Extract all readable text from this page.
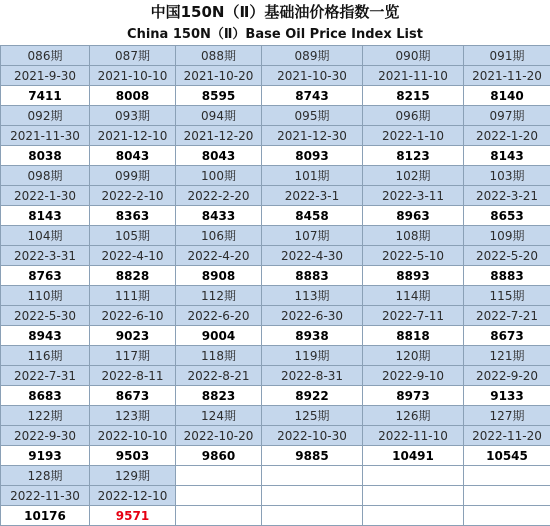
中国150N（Ⅱ）基础油价格指数一览
China 150N（Ⅱ）Base Oil Price Index List
086期	087期	088期	089期	090期	091期
2021-9-30	2021-10-10	2021-10-20	2021-10-30	2021-11-10	2021-11-20
7411	8008	8595	8743	8215	8140
092期	093期	094期	095期	096期	097期
2021-11-30	2021-12-10	2021-12-20	2021-12-30	2022-1-10	2022-1-20
8038	8043	8043	8093	8123	8143
098期	099期	100期	101期	102期	103期
2022-1-30	2022-2-10	2022-2-20	2022-3-1	2022-3-11	2022-3-21
8143	8363	8433	8458	8963	8653
104期	105期	106期	107期	108期	109期
2022-3-31	2022-4-10	2022-4-20	2022-4-30	2022-5-10	2022-5-20
8763	8828	8908	8883	8893	8883
110期	111期	112期	113期	114期	115期
2022-5-30	2022-6-10	2022-6-20	2022-6-30	2022-7-11	2022-7-21
8943	9023	9004	8938	8818	8673
116期	117期	118期	119期	120期	121期
2022-7-31	2022-8-11	2022-8-21	2022-8-31	2022-9-10	2022-9-20
8683	8673	8823	8922	8973	9133
122期	123期	124期	125期	126期	127期
2022-9-30	2022-10-10	2022-10-20	2022-10-30	2022-11-10	2022-11-20
9193	9503	9860	9885	10491	10545
128期	129期				
2022-11-30	2022-12-10				
10176	9571				
